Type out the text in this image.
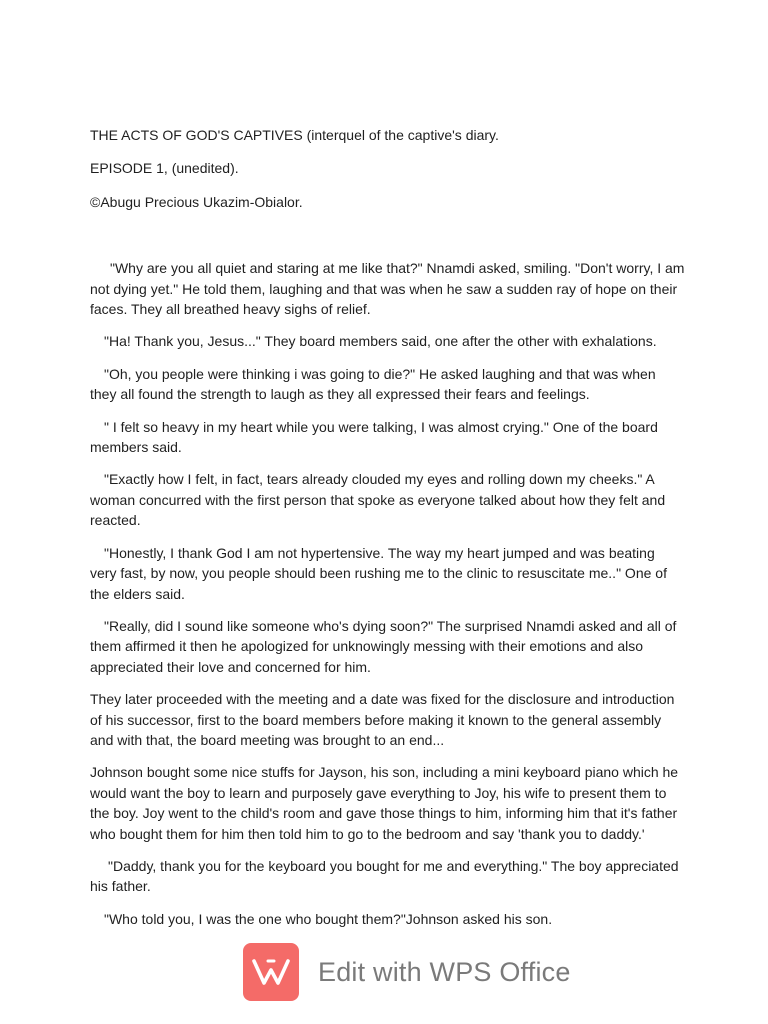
THE ACTS OF GOD'S CAPTIVES (interquel of the captive's diary.

EPISODE 1, (unedited).

©Abugu Precious Ukazim-Obialor.

"Why are you all quiet and staring at me like that?" Nnamdi asked, smiling. "Don't worry, I am not dying yet." He told them, laughing and that was when he saw a sudden ray of hope on their faces. They all breathed heavy sighs of relief.

"Ha! Thank you, Jesus..." They board members said, one after the other with exhalations.

"Oh, you people were thinking i was going to die?" He asked laughing and that was when they all found the strength to laugh as they all expressed their fears and feelings.

" I felt so heavy in my heart while you were talking, I was almost crying." One of the board members said.

"Exactly how I felt, in fact, tears already clouded my eyes and rolling down my cheeks." A woman concurred with the first person that spoke as everyone talked about how they felt and reacted.

"Honestly, I thank God I am not hypertensive. The way my heart jumped and was beating very fast, by now, you people should been rushing me to the clinic to resuscitate me.." One of the elders said.

"Really, did I sound like someone who's dying soon?" The surprised Nnamdi asked and all of them affirmed it then he apologized for unknowingly messing with their emotions and also appreciated their love and concerned for him.

They later proceeded with the meeting and a date was fixed for the disclosure and introduction of his successor, first to the board members before making it known to the general assembly and with that, the board meeting was brought to an end...

Johnson bought some nice stuffs for Jayson, his son, including a mini keyboard piano which he would want the boy to learn and purposely gave everything to Joy, his wife to present them to the boy. Joy went to the child's room and gave those things to him, informing him that it's father who bought them for him then told him to go to the bedroom and say 'thank you to daddy.'

"Daddy, thank you for the keyboard you bought for me and everything." The boy appreciated his father.

"Who told you, I was the one who bought them?"Johnson asked his son.

Edit with WPS Office
